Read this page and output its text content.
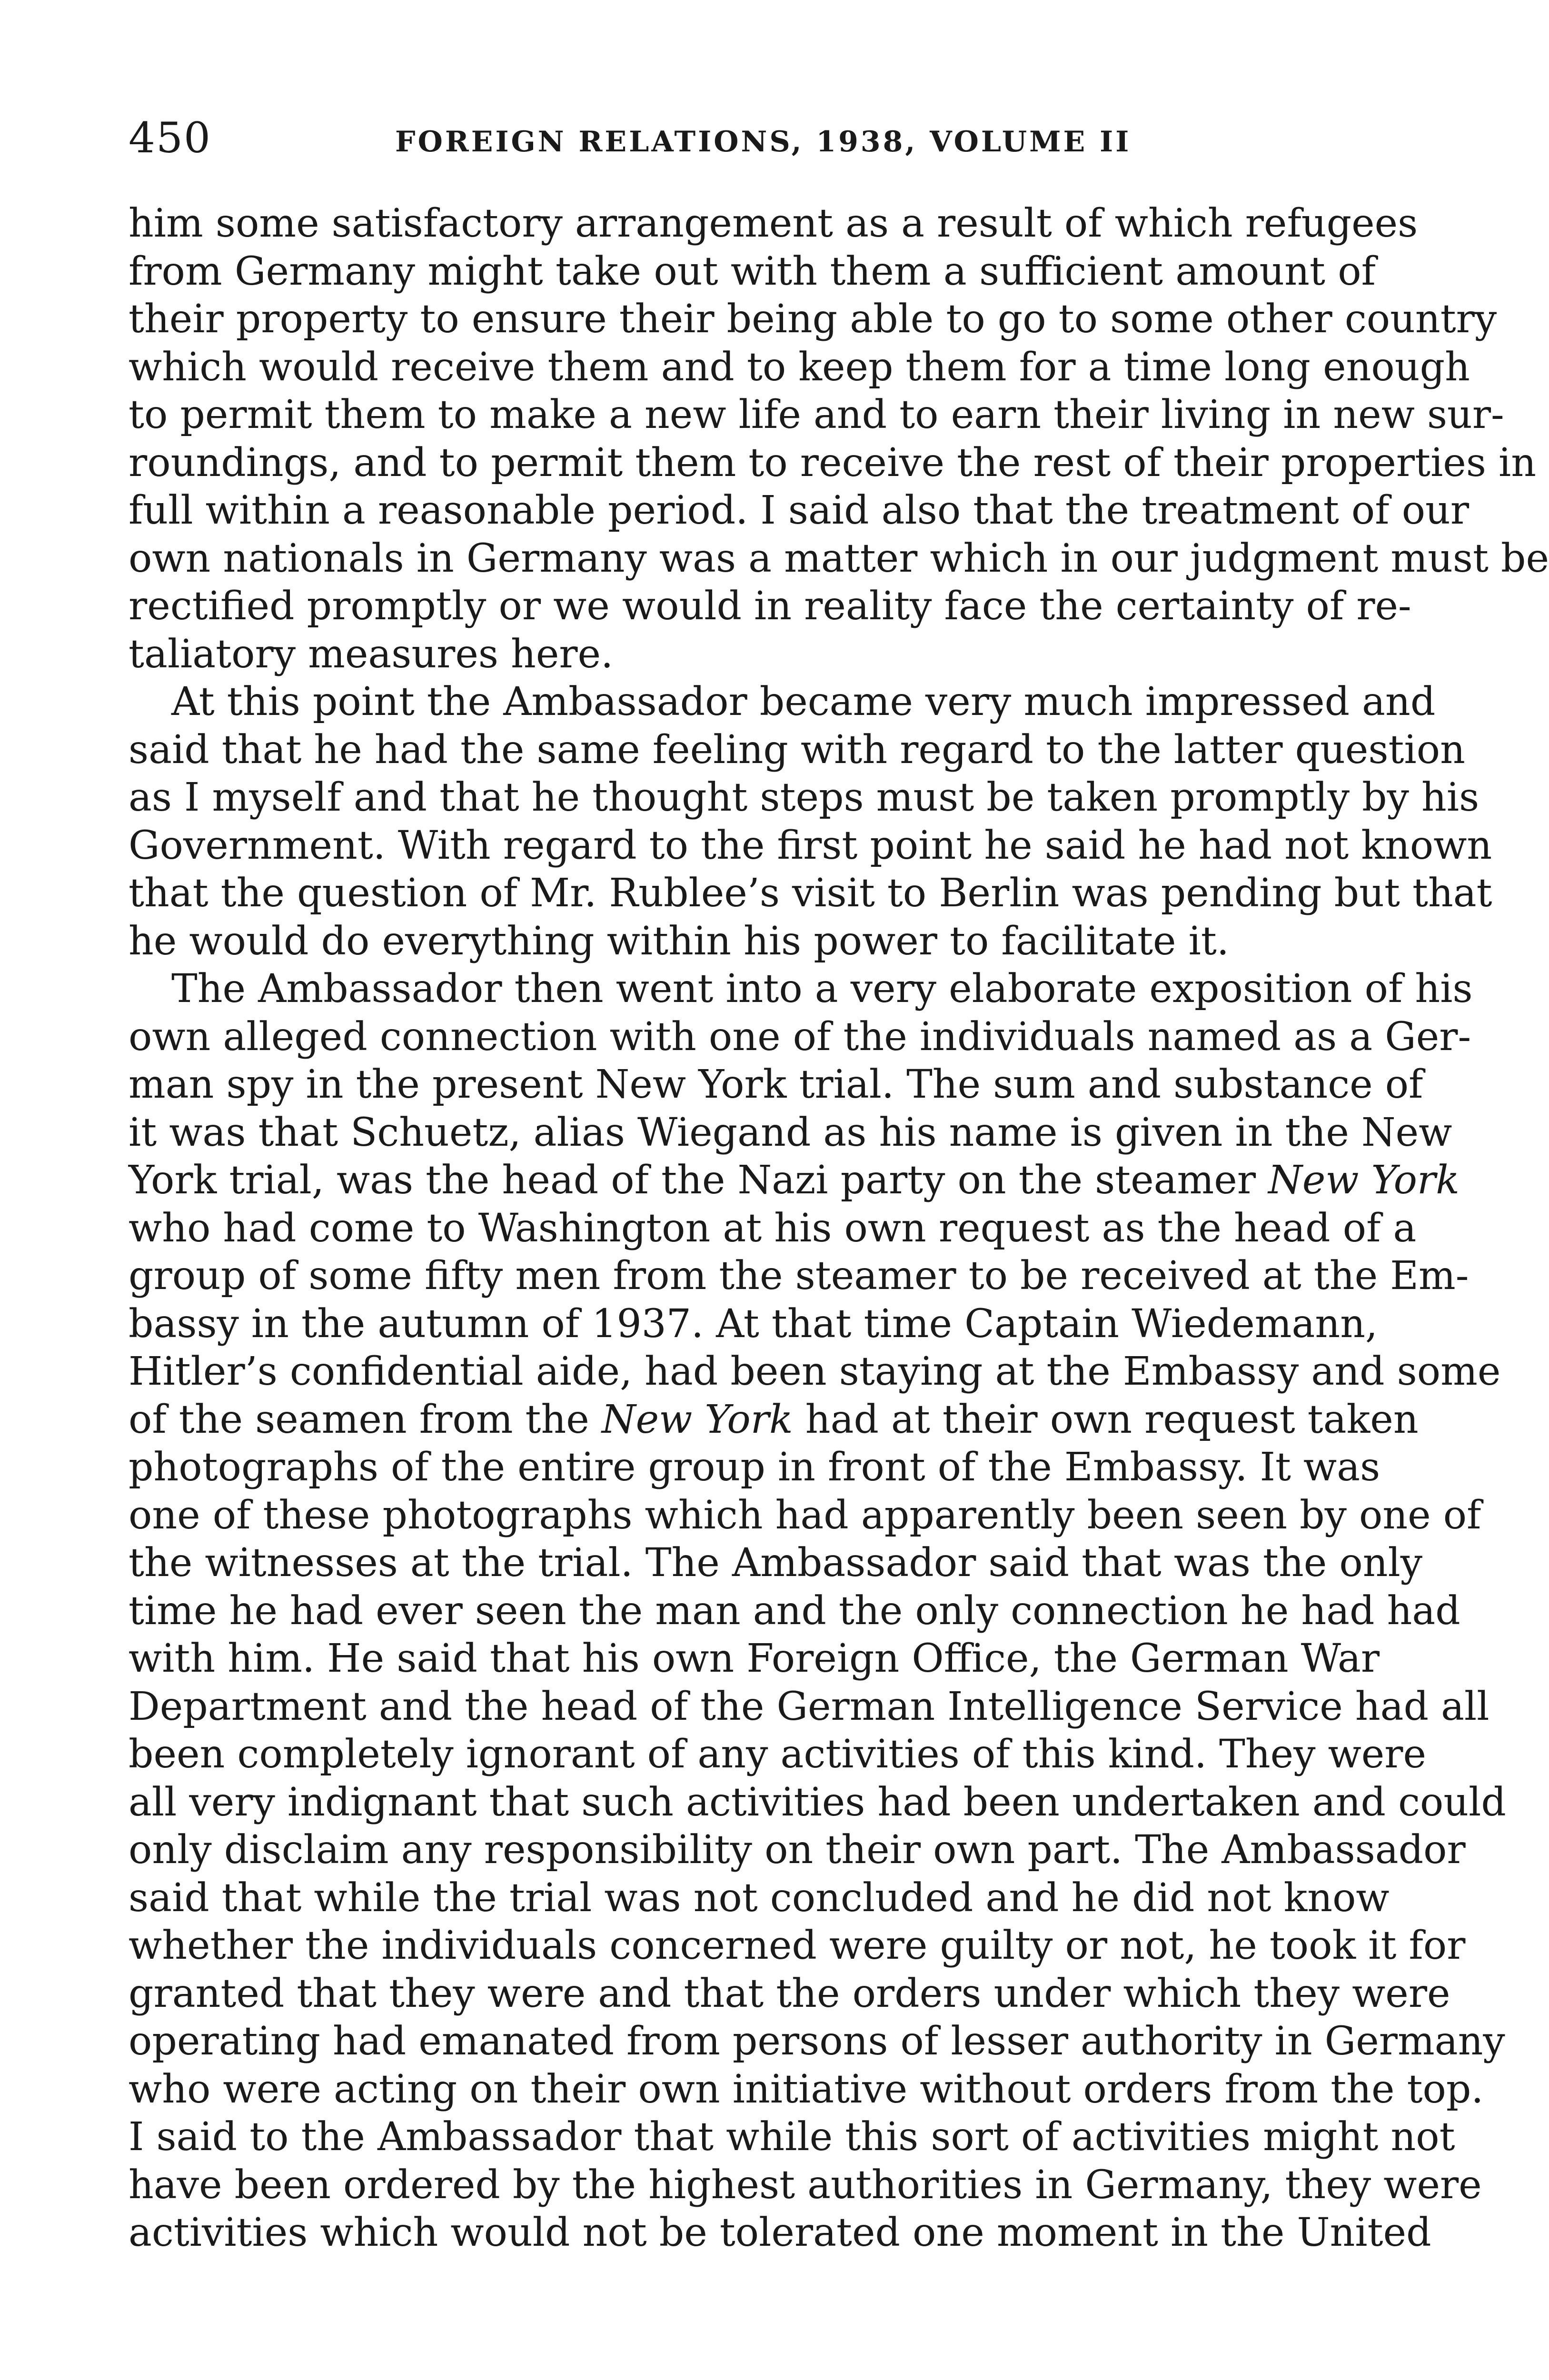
450	FOREIGN RELATIONS, 1938, VOLUME II
him some satisfactory arrangement as a result of which refugees
from Germany might take out with them a sufficient amount of
their property to ensure their being able to go to some other country
which would receive them and to keep them for a time long enough
to permit them to make a new life and to earn their living in new sur-
roundings, and to permit them to receive the rest of their properties in
full within a reasonable period. I said also that the treatment of our
own nationals in Germany was a matter which in our judgment must be
rectified promptly or we would in reality face the certainty of re-
taliatory measures here.
At this point the Ambassador became very much impressed and
said that he had the same feeling with regard to the latter question
as I myself and that he thought steps must be taken promptly by his
Government. With regard to the first point he said he had not known
that the question of Mr. Rublee’s visit to Berlin was pending but that
he would do everything within his power to facilitate it.
The Ambassador then went into a very elaborate exposition of his
own alleged connection with one of the individuals named as a Ger-
man spy in the present New York trial. The sum and substance of
it was that Schuetz, alias Wiegand as his name is given in the New
York trial, was the head of the Nazi party on the steamer New York
who had come to Washington at his own request as the head of a
group of some fifty men from the steamer to be received at the Em-
bassy in the autumn of 1937. At that time Captain Wiedemann,
Hitler’s confidential aide, had been staying at the Embassy and some
of the seamen from the New York had at their own request taken
photographs of the entire group in front of the Embassy. It was
one of these photographs which had apparently been seen by one of
the witnesses at the trial. The Ambassador said that was the only
time he had ever seen the man and the only connection he had had
with him. He said that his own Foreign Office, the German War
Department and the head of the German Intelligence Service had all
been completely ignorant of any activities of this kind. They were
all very indignant that such activities had been undertaken and could
only disclaim any responsibility on their own part. The Ambassador
said that while the trial was not concluded and he did not know
whether the individuals concerned were guilty or not, he took it for
granted that they were and that the orders under which they were
operating had emanated from persons of lesser authority in Germany
who were acting on their own initiative without orders from the top.
I said to the Ambassador that while this sort of activities might not
have been ordered by the highest authorities in Germany, they were
activities which would not be tolerated one moment in the United
